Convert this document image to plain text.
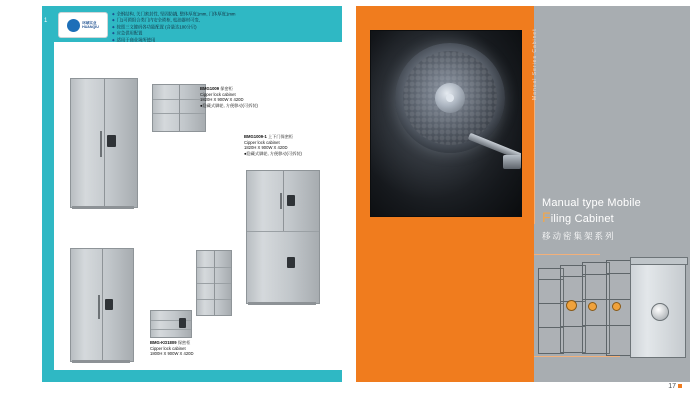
1	环球实业
HUANQIU
◆ 全钢结构, 关门密封性, 坚固防撬, 整体厚度1mm, 门体厚度1mm
◆ 门1可锁组合类门内安全锁柜, 松油器材可变,
◆ 按照三文键码各功能配置 (音量达100分贝)
◆ 应急供用配置
◆ 适用于商业场所使用
BMG1009 保密柜
Cipper lock cabinet
1820H X 900W X 420D
●隐藏式脚轮, 方便移动(可拆装)
BMG1009-1 上下门保密柜
Cipper lock cabinet
1820H X 900W X 420D
●隐藏式脚轮, 方便移动(可拆装)
BMG-KD1809 保密柜
Cipper lock cabinet
1800H X 900W X 420D
Manual Series Cabinet
Manual type Mobile
Filing Cabinet
移动密集架系列
17
